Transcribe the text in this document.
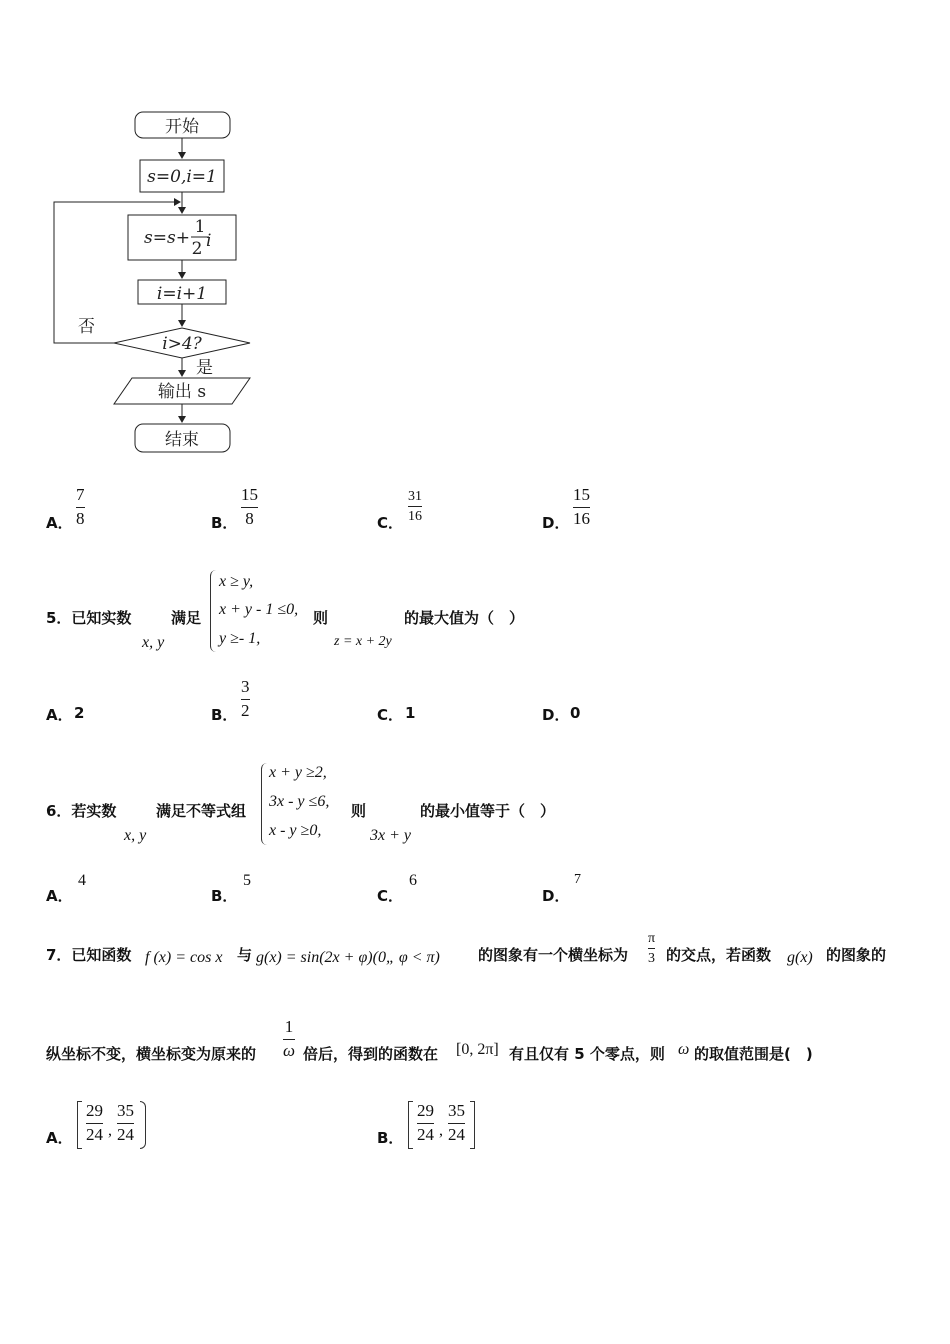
开始
s=0,i=1
s=s+
1
2 i
i=i+1
i>4?
否
是
输出 s
结束
A．
7
8	B．
15
8	C．
31
16	D．
15
16
5．已知实数
x, y
满足
x ≥ y,
x + y - 1 ≤0,
y ≥- 1,
则
z = x + 2y
的最大值为（　）
A． 2	B．
3
2	C． 1	D． 0
6．若实数
x, y
满足不等式组
x + y ≥2,
3x - y ≤6,
x - y ≥0,
则
3x + y
的最小值等于（　）
A．
4
B．
5
C．
6
D．
7
7．已知函数 f (x) = cos x 与 g(x) = sin(2x + φ)(0„ φ < π)	的图象有一个横坐标为
π
3 的交点，若函数 g(x) 的图象的
纵坐标不变，横坐标变为原来的
1
ω 倍后，得到的函数在 [0, 2π] 有且仅有 5 个零点，则 ω 的取值范围是(　)
A．
29
24 ,
35
24	B．
29
24 ,
35
24
